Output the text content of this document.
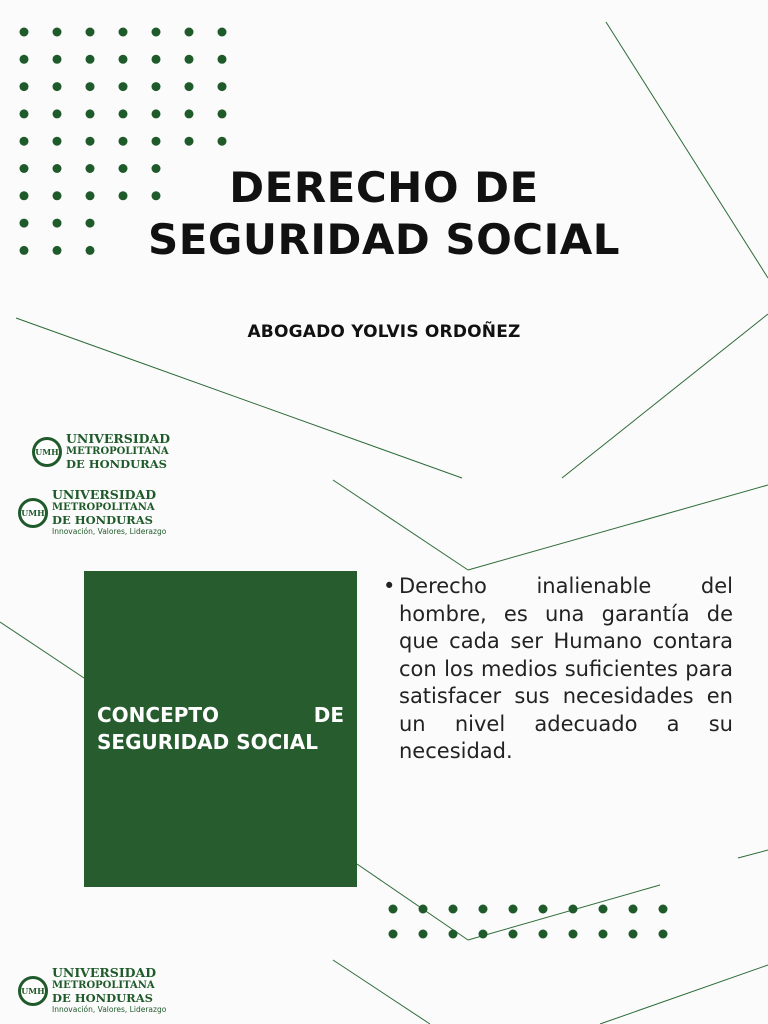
DERECHO DE SEGURIDAD SOCIAL
ABOGADO YOLVIS ORDOÑEZ
UMH
UNIVERSIDAD
METROPOLITANA
DE HONDURAS
UMH
UNIVERSIDAD
METROPOLITANA
DE HONDURAS
Innovación, Valores, Liderazgo
CONCEPTO DE SEGURIDAD SOCIAL
• Derecho inalienable del hombre, es una garantía de que cada ser Humano contara con los medios suficientes para satisfacer sus necesidades en un nivel adecuado a su necesidad.
UMH
UNIVERSIDAD
METROPOLITANA
DE HONDURAS
Innovación, Valores, Liderazgo
